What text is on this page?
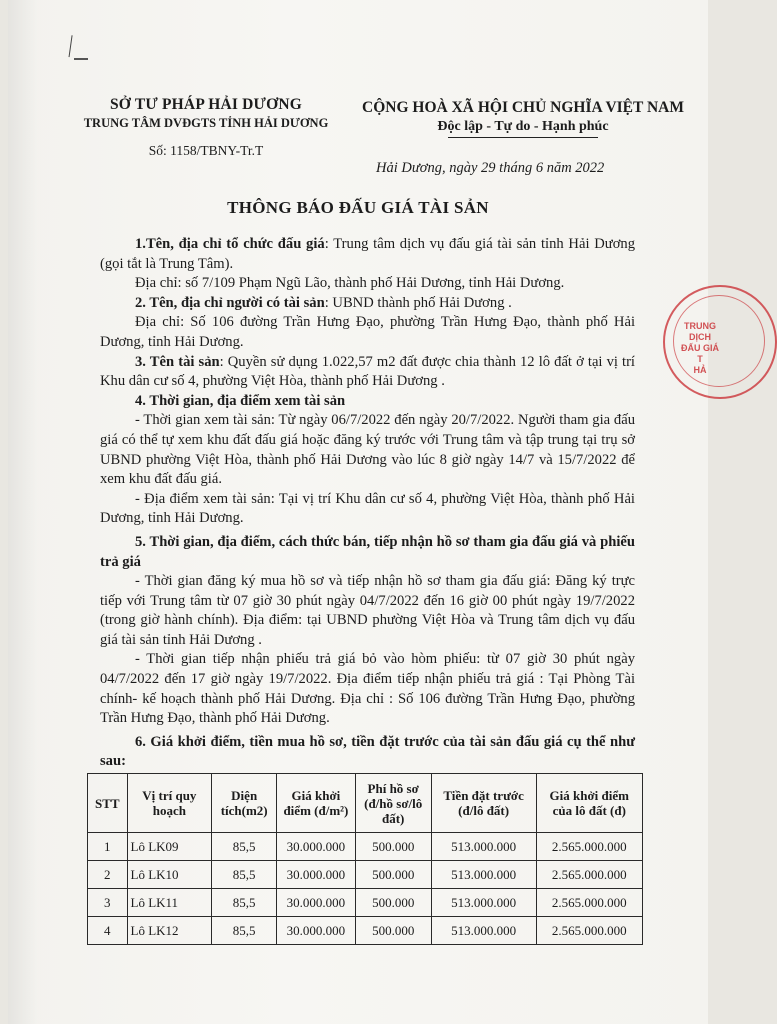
SỞ TƯ PHÁP HẢI DƯƠNG
TRUNG TÂM DVĐGTS TỈNH HẢI DƯƠNG
Số: 1158/TBNY-Tr.T
CỘNG HOÀ XÃ HỘI CHỦ NGHĨA VIỆT NAM
Độc lập - Tự do - Hạnh phúc
Hải Dương, ngày 29 tháng 6 năm 2022
THÔNG BÁO ĐẤU GIÁ TÀI SẢN

1.Tên, địa chỉ tổ chức đấu giá: Trung tâm dịch vụ đấu giá tài sản tỉnh Hải Dương (gọi tắt là Trung Tâm).

Địa chỉ: số 7/109 Phạm Ngũ Lão, thành phố Hải Dương, tỉnh Hải Dương.

2. Tên, địa chỉ người có tài sản: UBND thành phố Hải Dương .

Địa chỉ: Số 106 đường Trần Hưng Đạo, phường Trần Hưng Đạo, thành phố Hải Dương, tỉnh Hải Dương.

3. Tên tài sản: Quyền sử dụng 1.022,57 m2 đất được chia thành 12 lô đất ở tại vị trí Khu dân cư số 4, phường Việt Hòa, thành phố Hải Dương .

4. Thời gian, địa điểm xem tài sản

- Thời gian xem tài sản: Từ ngày 06/7/2022 đến ngày 20/7/2022. Người tham gia đấu giá có thể tự xem khu đất đấu giá hoặc đăng ký trước với Trung tâm và tập trung tại trụ sở UBND phường Việt Hòa, thành phố Hải Dương vào lúc 8 giờ ngày 14/7 và 15/7/2022 để xem khu đất đấu giá.

- Địa điểm xem tài sản: Tại vị trí Khu dân cư số 4, phường Việt Hòa, thành phố Hải Dương, tỉnh Hải Dương.

5. Thời gian, địa điểm, cách thức bán, tiếp nhận hồ sơ tham gia đấu giá và phiếu trả giá

- Thời gian đăng ký mua hồ sơ và tiếp nhận hồ sơ tham gia đấu giá: Đăng ký trực tiếp với Trung tâm từ 07 giờ 30 phút ngày 04/7/2022 đến 16 giờ 00 phút ngày 19/7/2022 (trong giờ hành chính). Địa điểm: tại UBND phường Việt Hòa và Trung tâm dịch vụ đấu giá tài sản tỉnh Hải Dương .

- Thời gian tiếp nhận phiếu trả giá bỏ vào hòm phiếu: từ 07 giờ 30 phút ngày 04/7/2022 đến 17 giờ ngày 19/7/2022. Địa điểm tiếp nhận phiếu trả giá : Tại Phòng Tài chính- kế hoạch thành phố Hải Dương. Địa chỉ : Số 106 đường Trần Hưng Đạo, phường Trần Hưng Đạo, thành phố Hải Dương.

6. Giá khởi điểm, tiền mua hồ sơ, tiền đặt trước của tài sản đấu giá cụ thể như sau:

STT	Vị trí quy hoạch	Diện tích(m2)	Giá khởi điểm (đ/m²)	Phí hồ sơ (đ/hồ sơ/lô đất)	Tiền đặt trước (đ/lô đất)	Giá khởi điểm của lô đất (đ)
1	Lô LK09	85,5	30.000.000	500.000	513.000.000	2.565.000.000
2	Lô LK10	85,5	30.000.000	500.000	513.000.000	2.565.000.000
3	Lô LK11	85,5	30.000.000	500.000	513.000.000	2.565.000.000
4	Lô LK12	85,5	30.000.000	500.000	513.000.000	2.565.000.000
TRUNG
DỊCH
ĐẤU GIÁ
T
HẢ
